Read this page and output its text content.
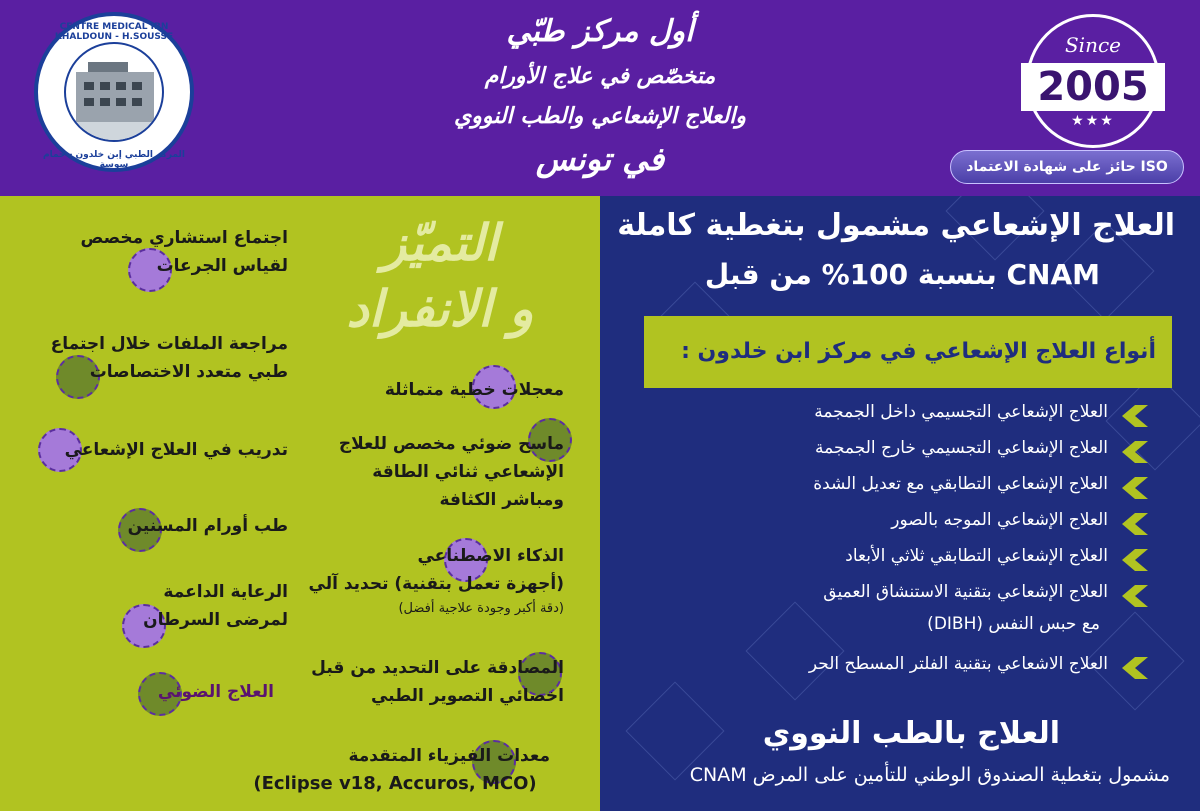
CENTRE MEDICAL IBN KHALDOUN - H.SOUSSE
المركز الطبي إبن خلدون - حمام سوسة
أول مركز طبّي
متخصّص في علاج الأورام
والعلاج الإشعاعي والطب النووي
في تونس
Since
2005
★★★
حائز على شهادة الاعتماد ISO
التميّز
و الانفراد
اجتماع استشاري مخصص
لقياس الجرعات
مراجعة الملفات خلال اجتماع
طبي متعدد الاختصاصات
تدريب في العلاج الإشعاعي
طب أورام المسنين
الرعاية الداعمة
لمرضى السرطان
العلاج الضوئي
معجلات خطية متماثلة
ماسح ضوئي مخصص للعلاج
الإشعاعي ثنائي الطاقة
ومباشر الكثافة
الذكاء الاصطناعي
(أجهزة تعمل بتقنية) تحديد آلي
(دقة أكبر وجودة علاجية أفضل)
المصادقة على التحديد من قبل
اخصائي التصوير الطبي
معدات الفيزياء المتقدمة
(Eclipse v18, Accuros, MCO)
العلاج الإشعاعي مشمول بتغطية كاملة
بنسبة 100% من قبل CNAM
أنواع العلاج الإشعاعي في مركز ابن خلدون :
العلاج الإشعاعي التجسيمي داخل الجمجمة
العلاج الإشعاعي التجسيمي خارج الجمجمة
العلاج الإشعاعي التطابقي مع تعديل الشدة
العلاج الإشعاعي الموجه بالصور
العلاج الإشعاعي التطابقي ثلاثي الأبعاد
العلاج الإشعاعي بتقنية الاستنشاق العميق
مع حبس النفس (DIBH)
العلاج الاشعاعي بتقنية الفلتر المسطح الحر
العلاج بالطب النووي
مشمول بتغطية الصندوق الوطني للتأمين على المرض CNAM
